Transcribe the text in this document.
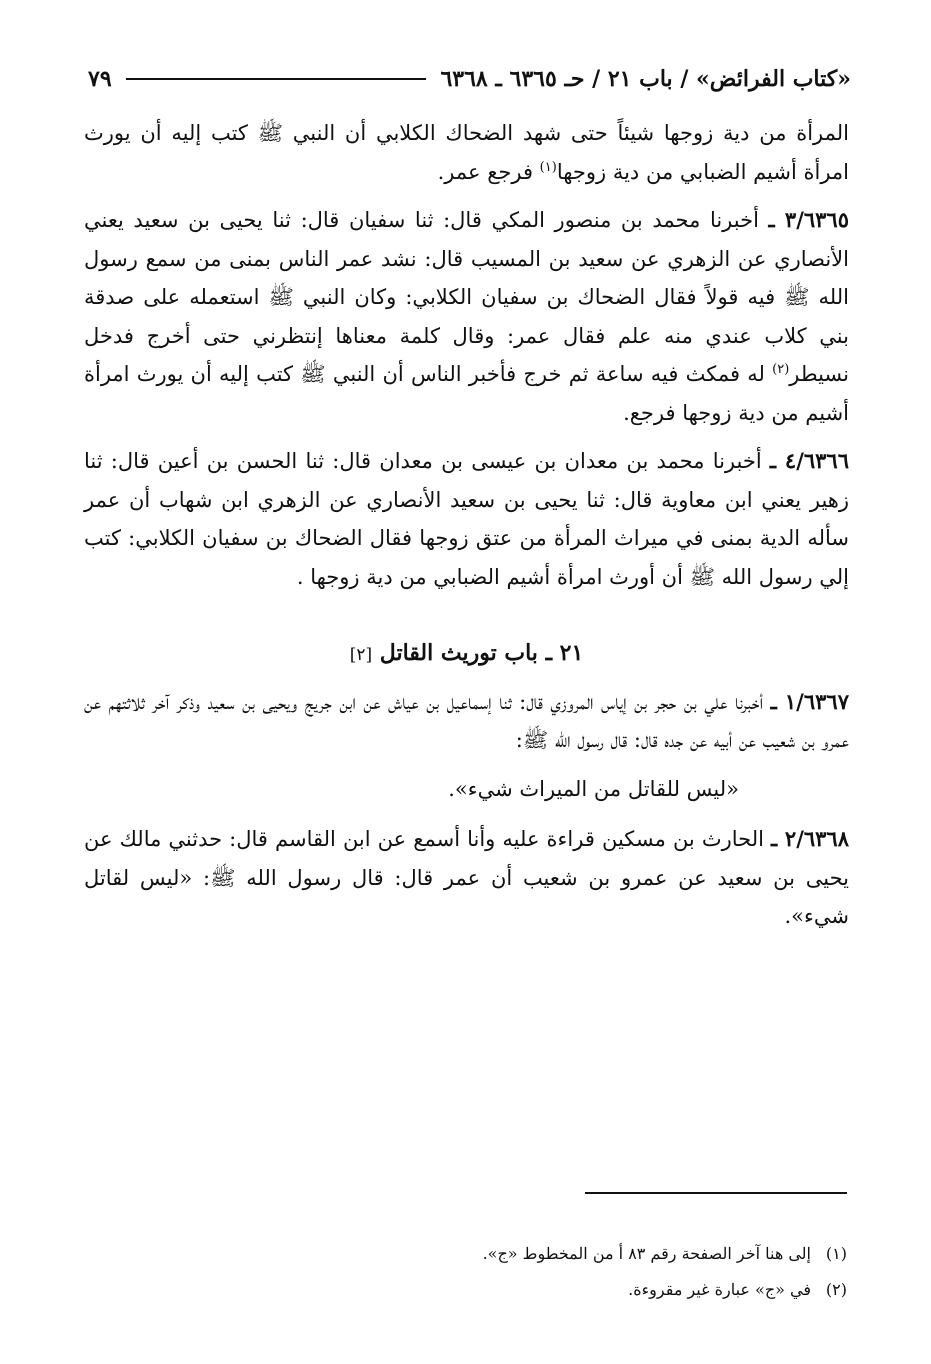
«كتاب الفرائض» / باب ٢١ / حـ ٦٣٦٥ ـ ٦٣٦٨
٧٩

المرأة من دية زوجها شيئاً حتى شهد الضحاك الكلابي أن النبي ﷺ كتب إليه أن يورث امرأة أشيم الضبابي من دية زوجها$^{(١)}$ فرجع عمر.

٣/٦٣٦٥ ـ أخبرنا محمد بن منصور المكي قال: ثنا سفيان قال: ثنا يحيى بن سعيد يعني الأنصاري عن الزهري عن سعيد بن المسيب قال: نشد عمر الناس بمنى من سمع رسول الله ﷺ فيه قولاً فقال الضحاك بن سفيان الكلابي: وكان النبي ﷺ استعمله على صدقة بني كلاب عندي منه علم فقال عمر: وقال كلمة معناها إنتظرني حتى أخرج فدخل نسيطر$^{(٢)}$ له فمكث فيه ساعة ثم خرج فأخبر الناس أن النبي ﷺ كتب إليه أن يورث امرأة أشيم من دية زوجها فرجع.

٤/٦٣٦٦ ـ أخبرنا محمد بن معدان بن عيسى بن معدان قال: ثنا الحسن بن أعين قال: ثنا زهير يعني ابن معاوية قال: ثنا يحيى بن سعيد الأنصاري عن الزهري ابن شهاب أن عمر سأله الدية بمنى في ميراث المرأة من عتق زوجها فقال الضحاك بن سفيان الكلابي: كتب إلي رسول الله ﷺ أن أورث امرأة أشيم الضبابي من دية زوجها .

٢١ ـ باب توريث القاتل [٢]

١/٦٣٦٧ ـ أخبرنا علي بن حجر بن إياس المروزي قال: ثنا إسماعيل بن عياش عن ابن جريج ويحيى بن سعيد وذكر آخر ثلاثتهم عن عمرو بن شعيب عن أبيه عن جده قال: قال رسول الله ﷺ:

«ليس للقاتل من الميراث شيء».

٢/٦٣٦٨ ـ الحارث بن مسكين قراءة عليه وأنا أسمع عن ابن القاسم قال: حدثني مالك عن يحيى بن سعيد عن عمرو بن شعيب أن عمر قال: قال رسول الله ﷺ: «ليس لقاتل شيء».

(١)إلى هنا آخر الصفحة رقم ٨٣ أ من المخطوط «ج».

(٢)في «ج» عبارة غير مقروءة.
